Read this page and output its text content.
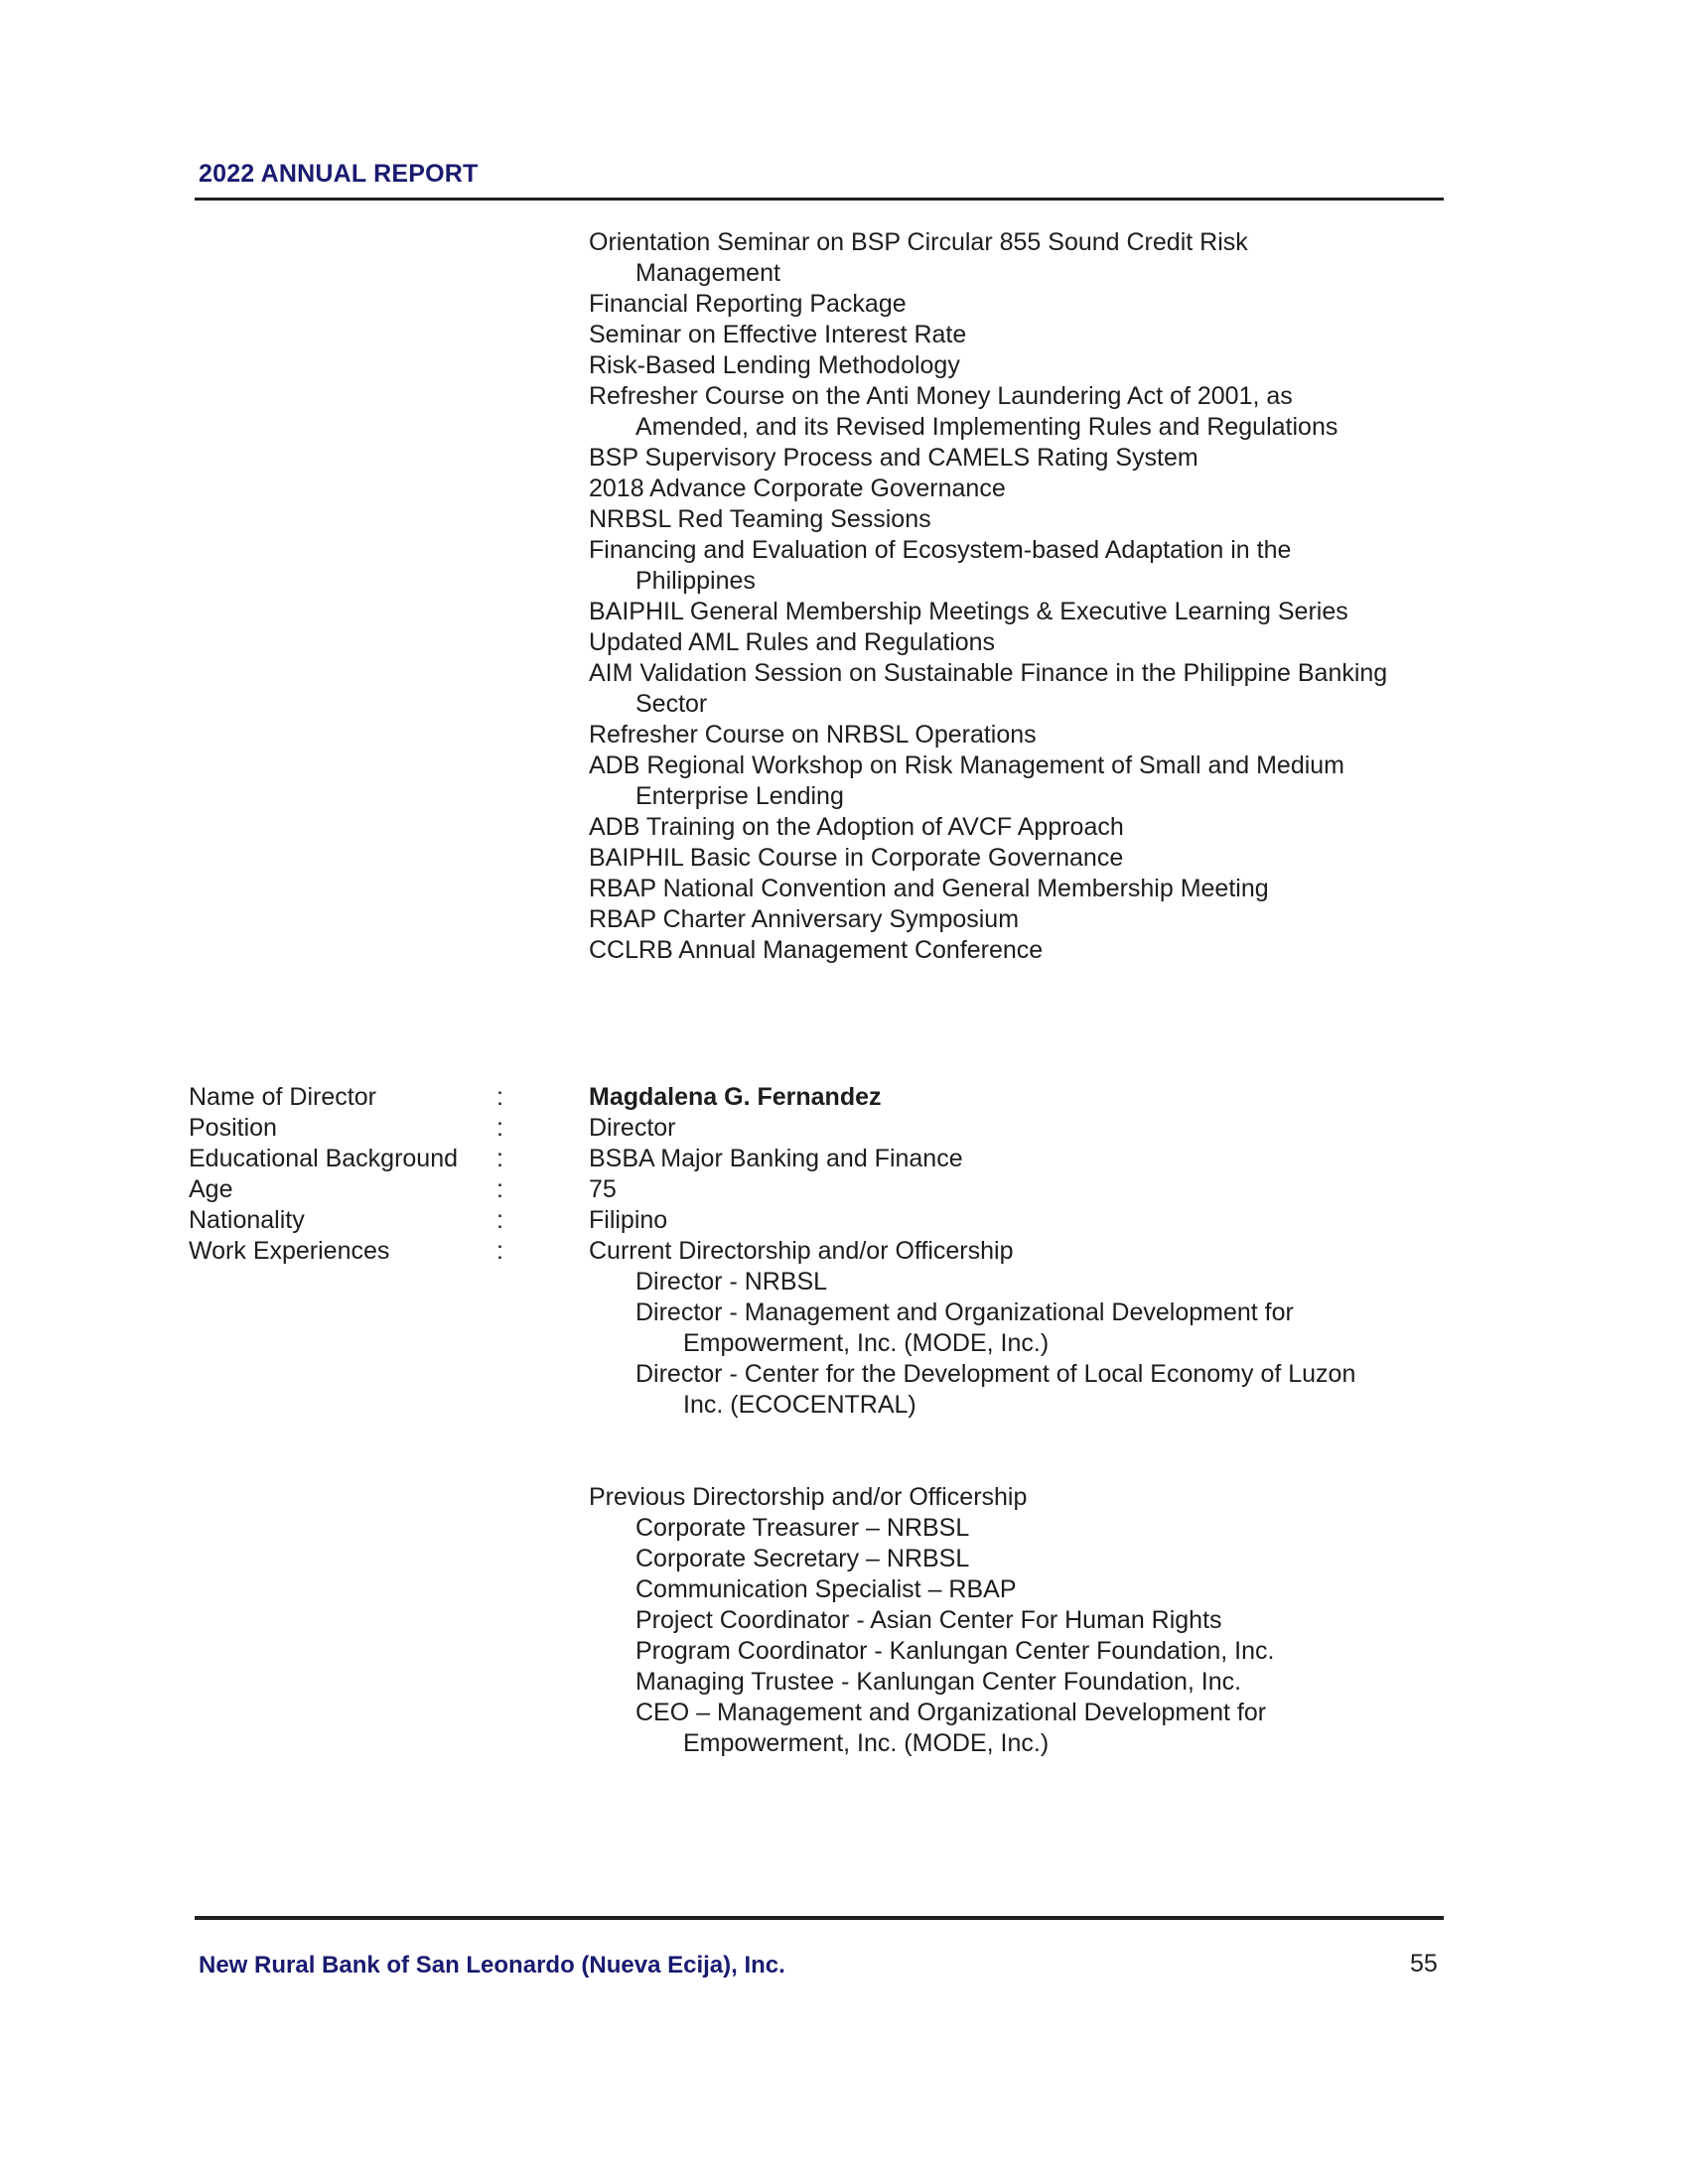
2022 ANNUAL REPORT
Orientation Seminar on BSP Circular 855 Sound Credit Risk
Management
Financial Reporting Package
Seminar on Effective Interest Rate
Risk-Based Lending Methodology
Refresher Course on the Anti Money Laundering Act of 2001, as
Amended, and its Revised Implementing Rules and Regulations
BSP Supervisory Process and CAMELS Rating System
2018 Advance Corporate Governance
NRBSL Red Teaming Sessions
Financing and Evaluation of Ecosystem-based Adaptation in the
Philippines
BAIPHIL General Membership Meetings & Executive Learning Series
Updated AML Rules and Regulations
AIM Validation Session on Sustainable Finance in the Philippine Banking
Sector
Refresher Course on NRBSL Operations
ADB Regional Workshop on Risk Management of Small and Medium
Enterprise Lending
ADB Training on the Adoption of AVCF Approach
BAIPHIL Basic Course in Corporate Governance
RBAP National Convention and General Membership Meeting
RBAP Charter Anniversary Symposium
CCLRB Annual Management Conference
Name of Director	:	Magdalena G. Fernandez
Position	:	Director
Educational Background	:	BSBA Major Banking and Finance
Age	:	75
Nationality	:	Filipino
Work Experiences	:	Current Directorship and/or Officership
Director - NRBSL
Director - Management and Organizational Development for
Empowerment, Inc. (MODE, Inc.)
Director - Center for the Development of Local Economy of Luzon
Inc. (ECOCENTRAL)
Previous Directorship and/or Officership
Corporate Treasurer – NRBSL
Corporate Secretary – NRBSL
Communication Specialist – RBAP
Project Coordinator - Asian Center For Human Rights
Program Coordinator - Kanlungan Center Foundation, Inc.
Managing Trustee - Kanlungan Center Foundation, Inc.
CEO – Management and Organizational Development for
Empowerment, Inc. (MODE, Inc.)
New Rural Bank of San Leonardo (Nueva Ecija), Inc.	55
